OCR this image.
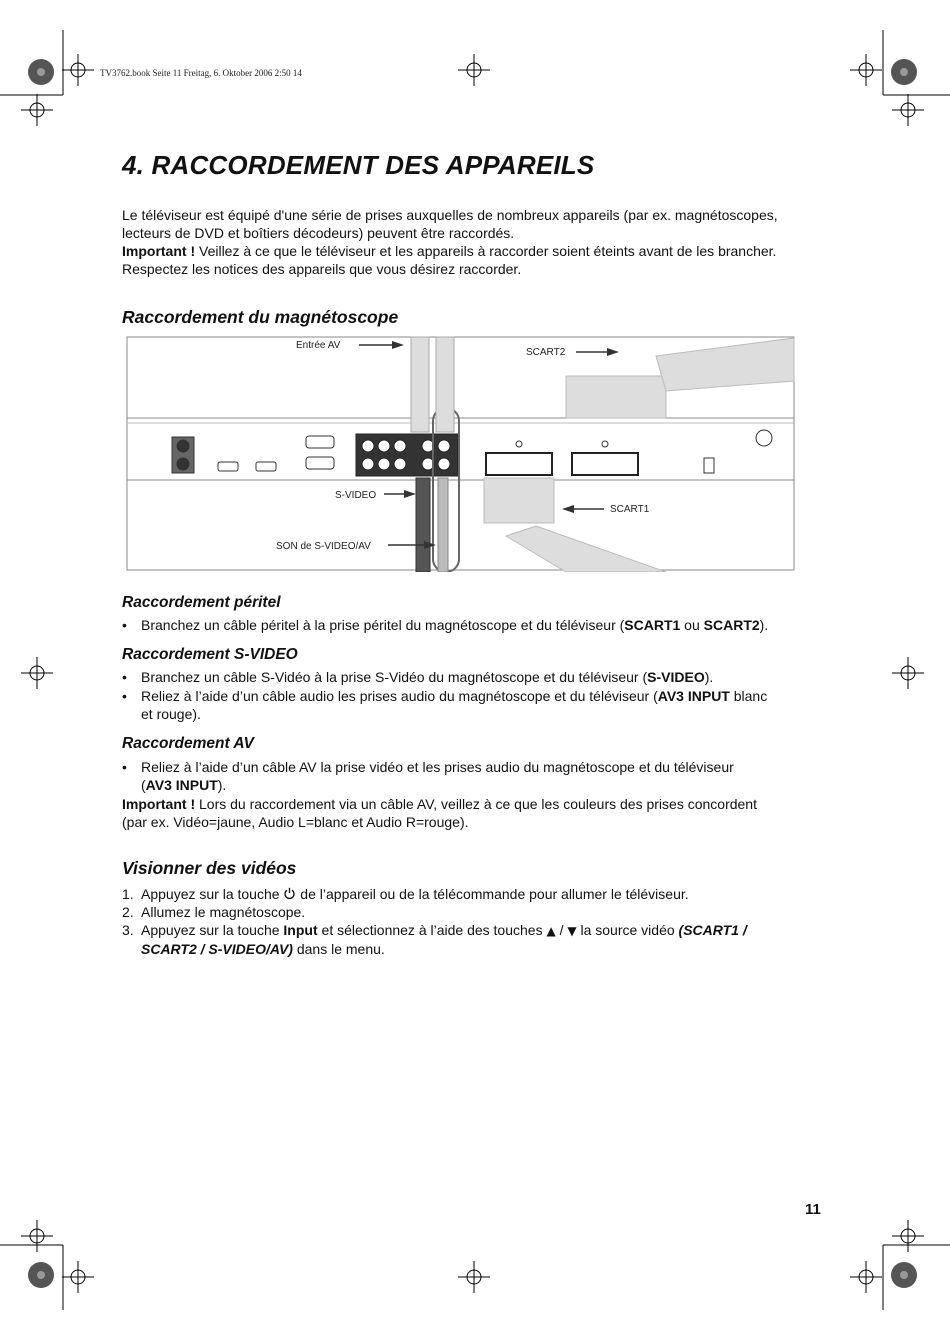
TV3762.book Seite 11 Freitag, 6. Oktober 2006 2:50 14
4. RACCORDEMENT DES APPAREILS
Le téléviseur est équipé d'une série de prises auxquelles de nombreux appareils (par ex. magnétoscopes,
lecteurs de DVD et boîtiers décodeurs) peuvent être raccordés.
Important ! Veillez à ce que le téléviseur et les appareils à raccorder soient éteints avant de les brancher.
Respectez les notices des appareils que vous désirez raccorder.
Raccordement du magnétoscope
Entrée AV
SCART2
S-VIDEO
SCART1
SON de S-VIDEO/AV
Raccordement péritel
• Branchez un câble péritel à la prise péritel du magnétoscope et du téléviseur (SCART1 ou SCART2).
Raccordement S-VIDEO
• Branchez un câble S-Vidéo à la prise S-Vidéo du magnétoscope et du téléviseur (S-VIDEO).
• Reliez à l’aide d’un câble audio les prises audio du magnétoscope et du téléviseur (AV3 INPUT blanc
et rouge).
Raccordement AV
• Reliez à l’aide d’un câble AV la prise vidéo et les prises audio du magnétoscope et du téléviseur
(AV3 INPUT).
Important ! Lors du raccordement via un câble AV, veillez à ce que les couleurs des prises concordent
(par ex. Vidéo=jaune, Audio L=blanc et Audio R=rouge).
Visionner des vidéos
1. Appuyez sur la touche  de l’appareil ou de la télécommande pour allumer le téléviseur.
2. Allumez le magnétoscope.
3. Appuyez sur la touche Input et sélectionnez à l’aide des touches ▲ / ▼ la source vidéo (SCART1 /
SCART2 / S-VIDEO/AV) dans le menu.
11
